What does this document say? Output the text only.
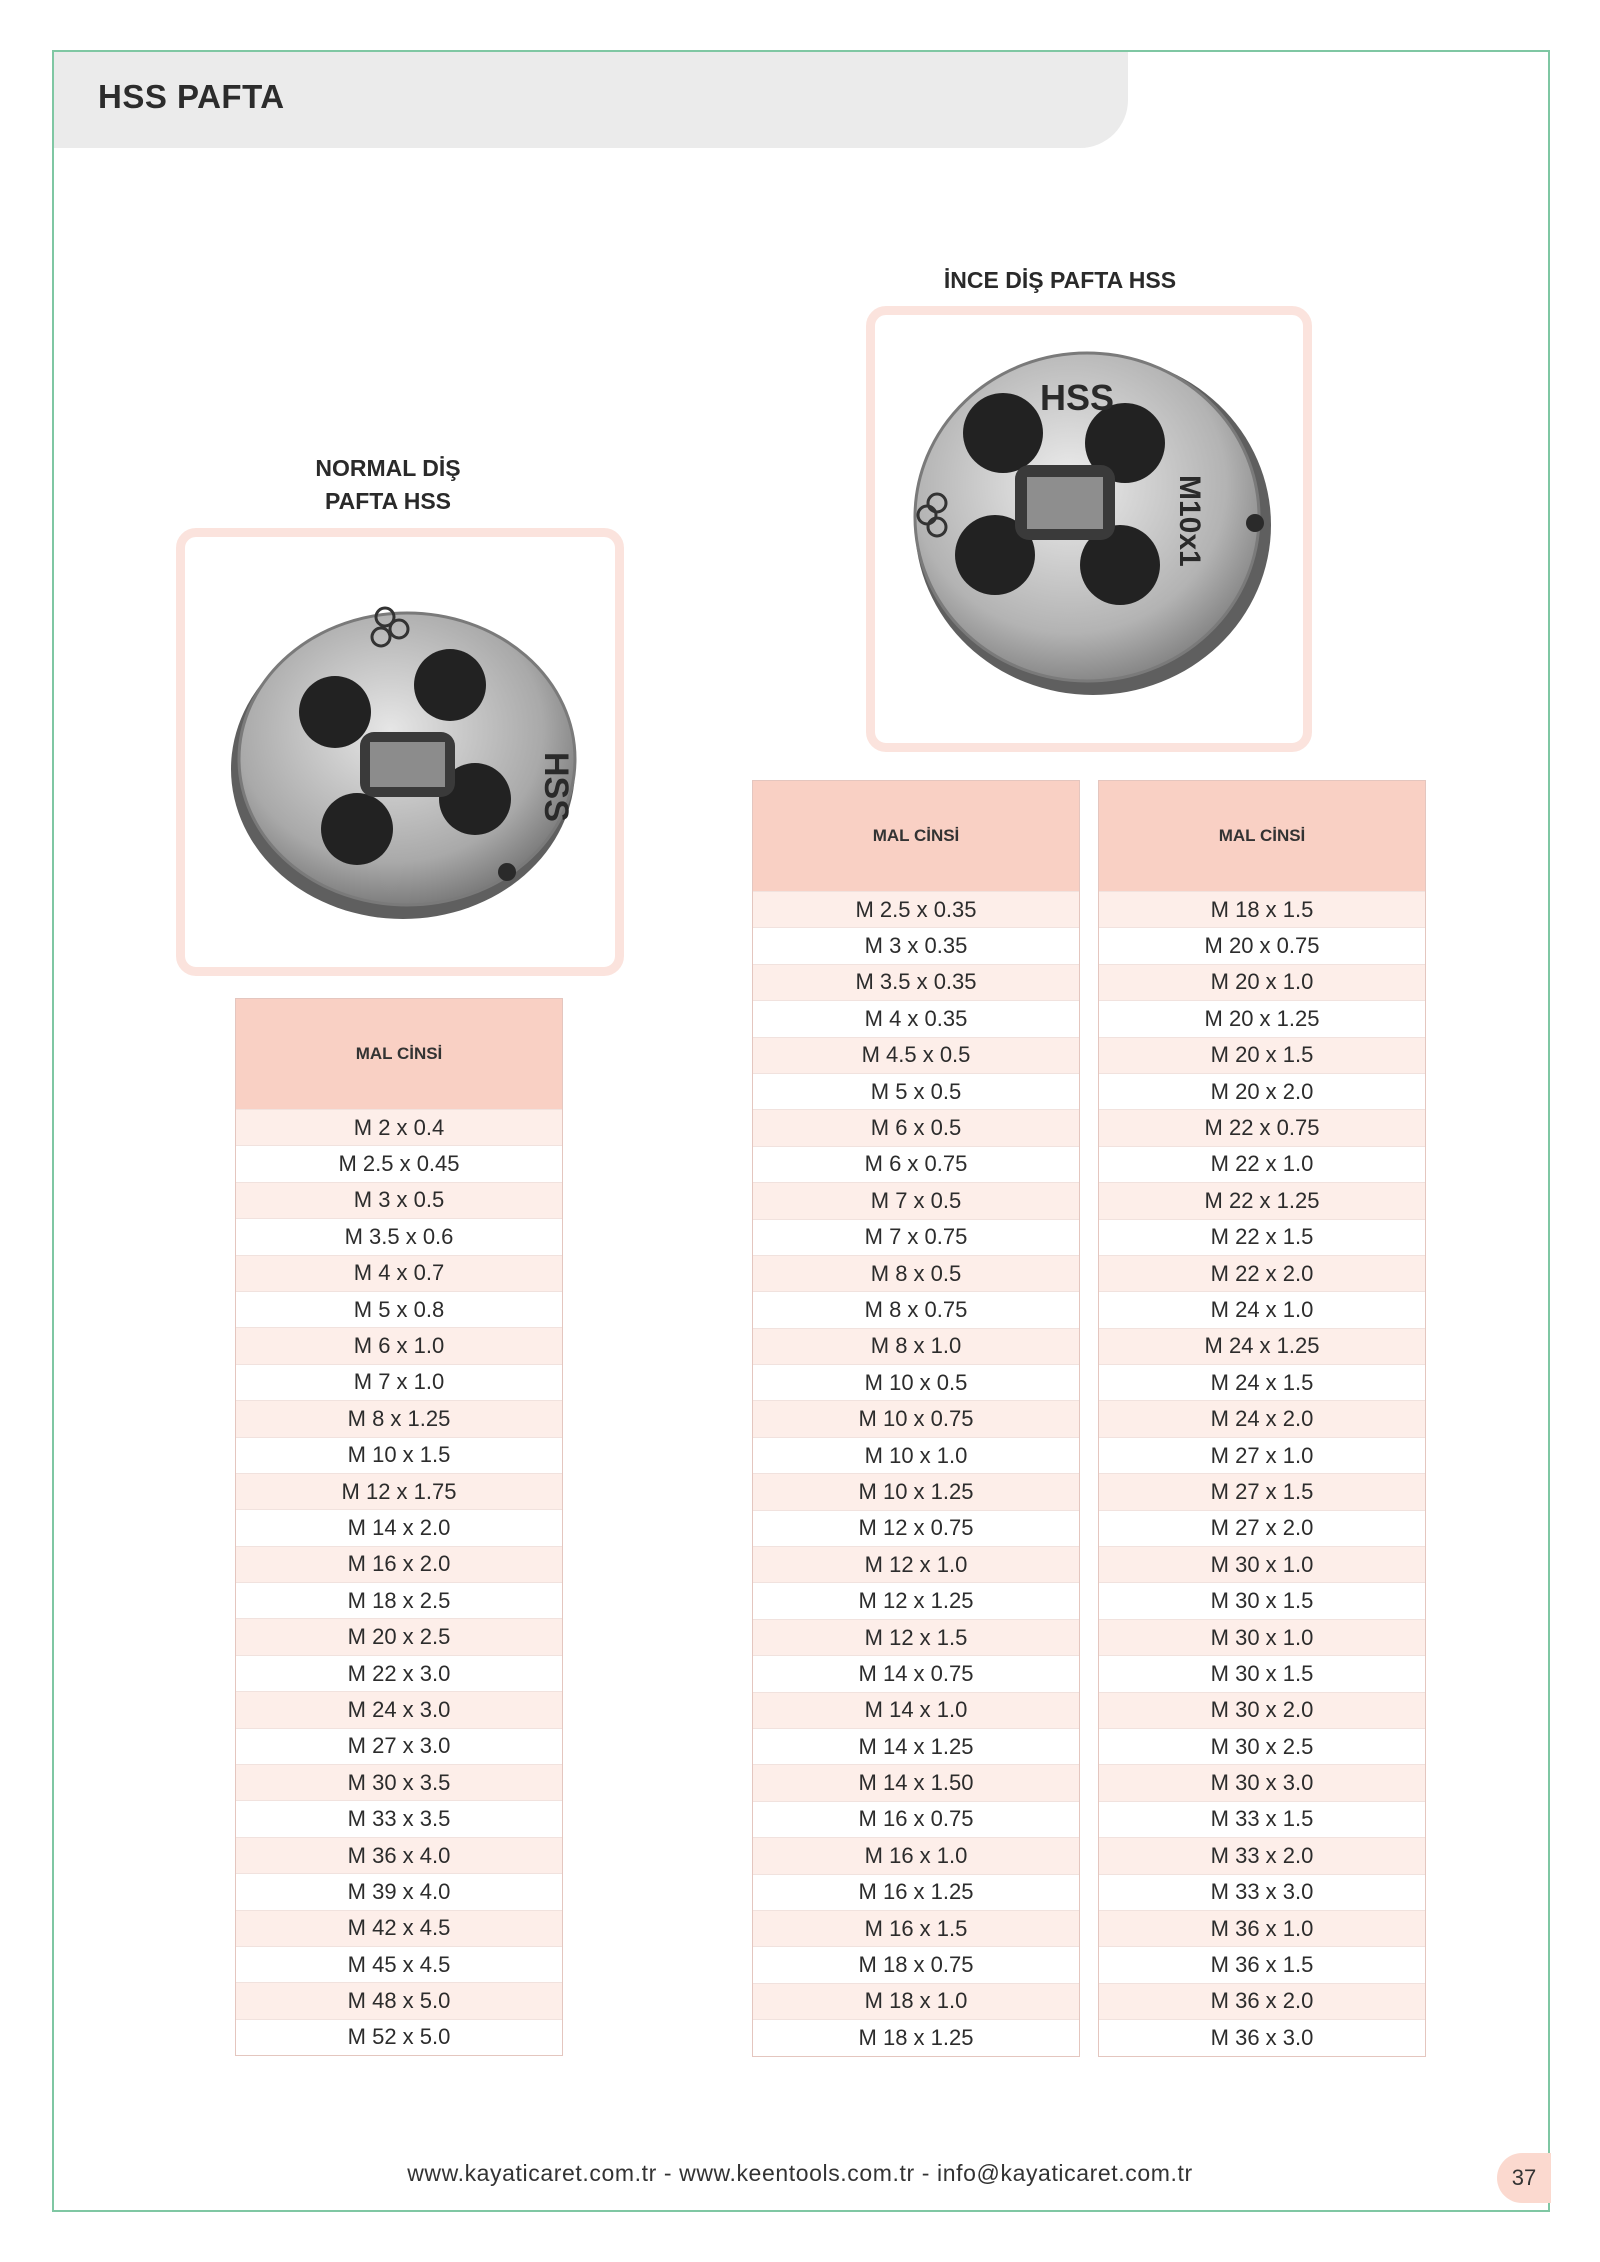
HSS PAFTA
NORMAL DİŞ
PAFTA HSS
HSS
MAL CİNSİ
M 2 x 0.4
M 2.5 x 0.45
M 3 x 0.5
M 3.5 x 0.6
M 4 x 0.7
M 5 x 0.8
M 6 x 1.0
M 7 x 1.0
M 8 x 1.25
M 10 x 1.5
M 12 x 1.75
M 14 x 2.0
M 16 x 2.0
M 18 x 2.5
M 20 x 2.5
M 22 x 3.0
M 24 x 3.0
M 27 x 3.0
M 30 x 3.5
M 33 x 3.5
M 36 x 4.0
M 39 x 4.0
M 42 x 4.5
M 45 x 4.5
M 48 x 5.0
M 52 x 5.0
İNCE DİŞ PAFTA HSS
HSS
M10x1
MAL CİNSİ
M 2.5 x 0.35
M 3 x 0.35
M 3.5 x 0.35
M 4 x 0.35
M 4.5 x 0.5
M 5 x 0.5
M 6 x 0.5
M 6 x 0.75
M 7 x 0.5
M 7 x 0.75
M 8 x 0.5
M 8 x 0.75
M 8 x 1.0
M 10 x 0.5
M 10 x 0.75
M 10 x 1.0
M 10 x 1.25
M 12 x 0.75
M 12 x 1.0
M 12 x 1.25
M 12 x 1.5
M 14 x 0.75
M 14 x 1.0
M 14 x 1.25
M 14 x 1.50
M 16 x 0.75
M 16 x 1.0
M 16 x 1.25
M 16 x 1.5
M 18 x 0.75
M 18 x 1.0
M 18 x 1.25
MAL CİNSİ
M 18 x 1.5
M 20 x 0.75
M 20 x 1.0
M 20 x 1.25
M 20 x 1.5
M 20 x 2.0
M 22 x 0.75
M 22 x 1.0
M 22 x 1.25
M 22 x 1.5
M 22 x 2.0
M 24 x 1.0
M 24 x 1.25
M 24 x 1.5
M 24 x 2.0
M 27 x 1.0
M 27 x 1.5
M 27 x 2.0
M 30 x 1.0
M 30 x 1.5
M 30 x 1.0
M 30 x 1.5
M 30 x 2.0
M 30 x 2.5
M 30 x 3.0
M 33 x 1.5
M 33 x 2.0
M 33 x 3.0
M 36 x 1.0
M 36 x 1.5
M 36 x 2.0
M 36 x 3.0
www.kayaticaret.com.tr - www.keentools.com.tr - info@kayaticaret.com.tr	37
